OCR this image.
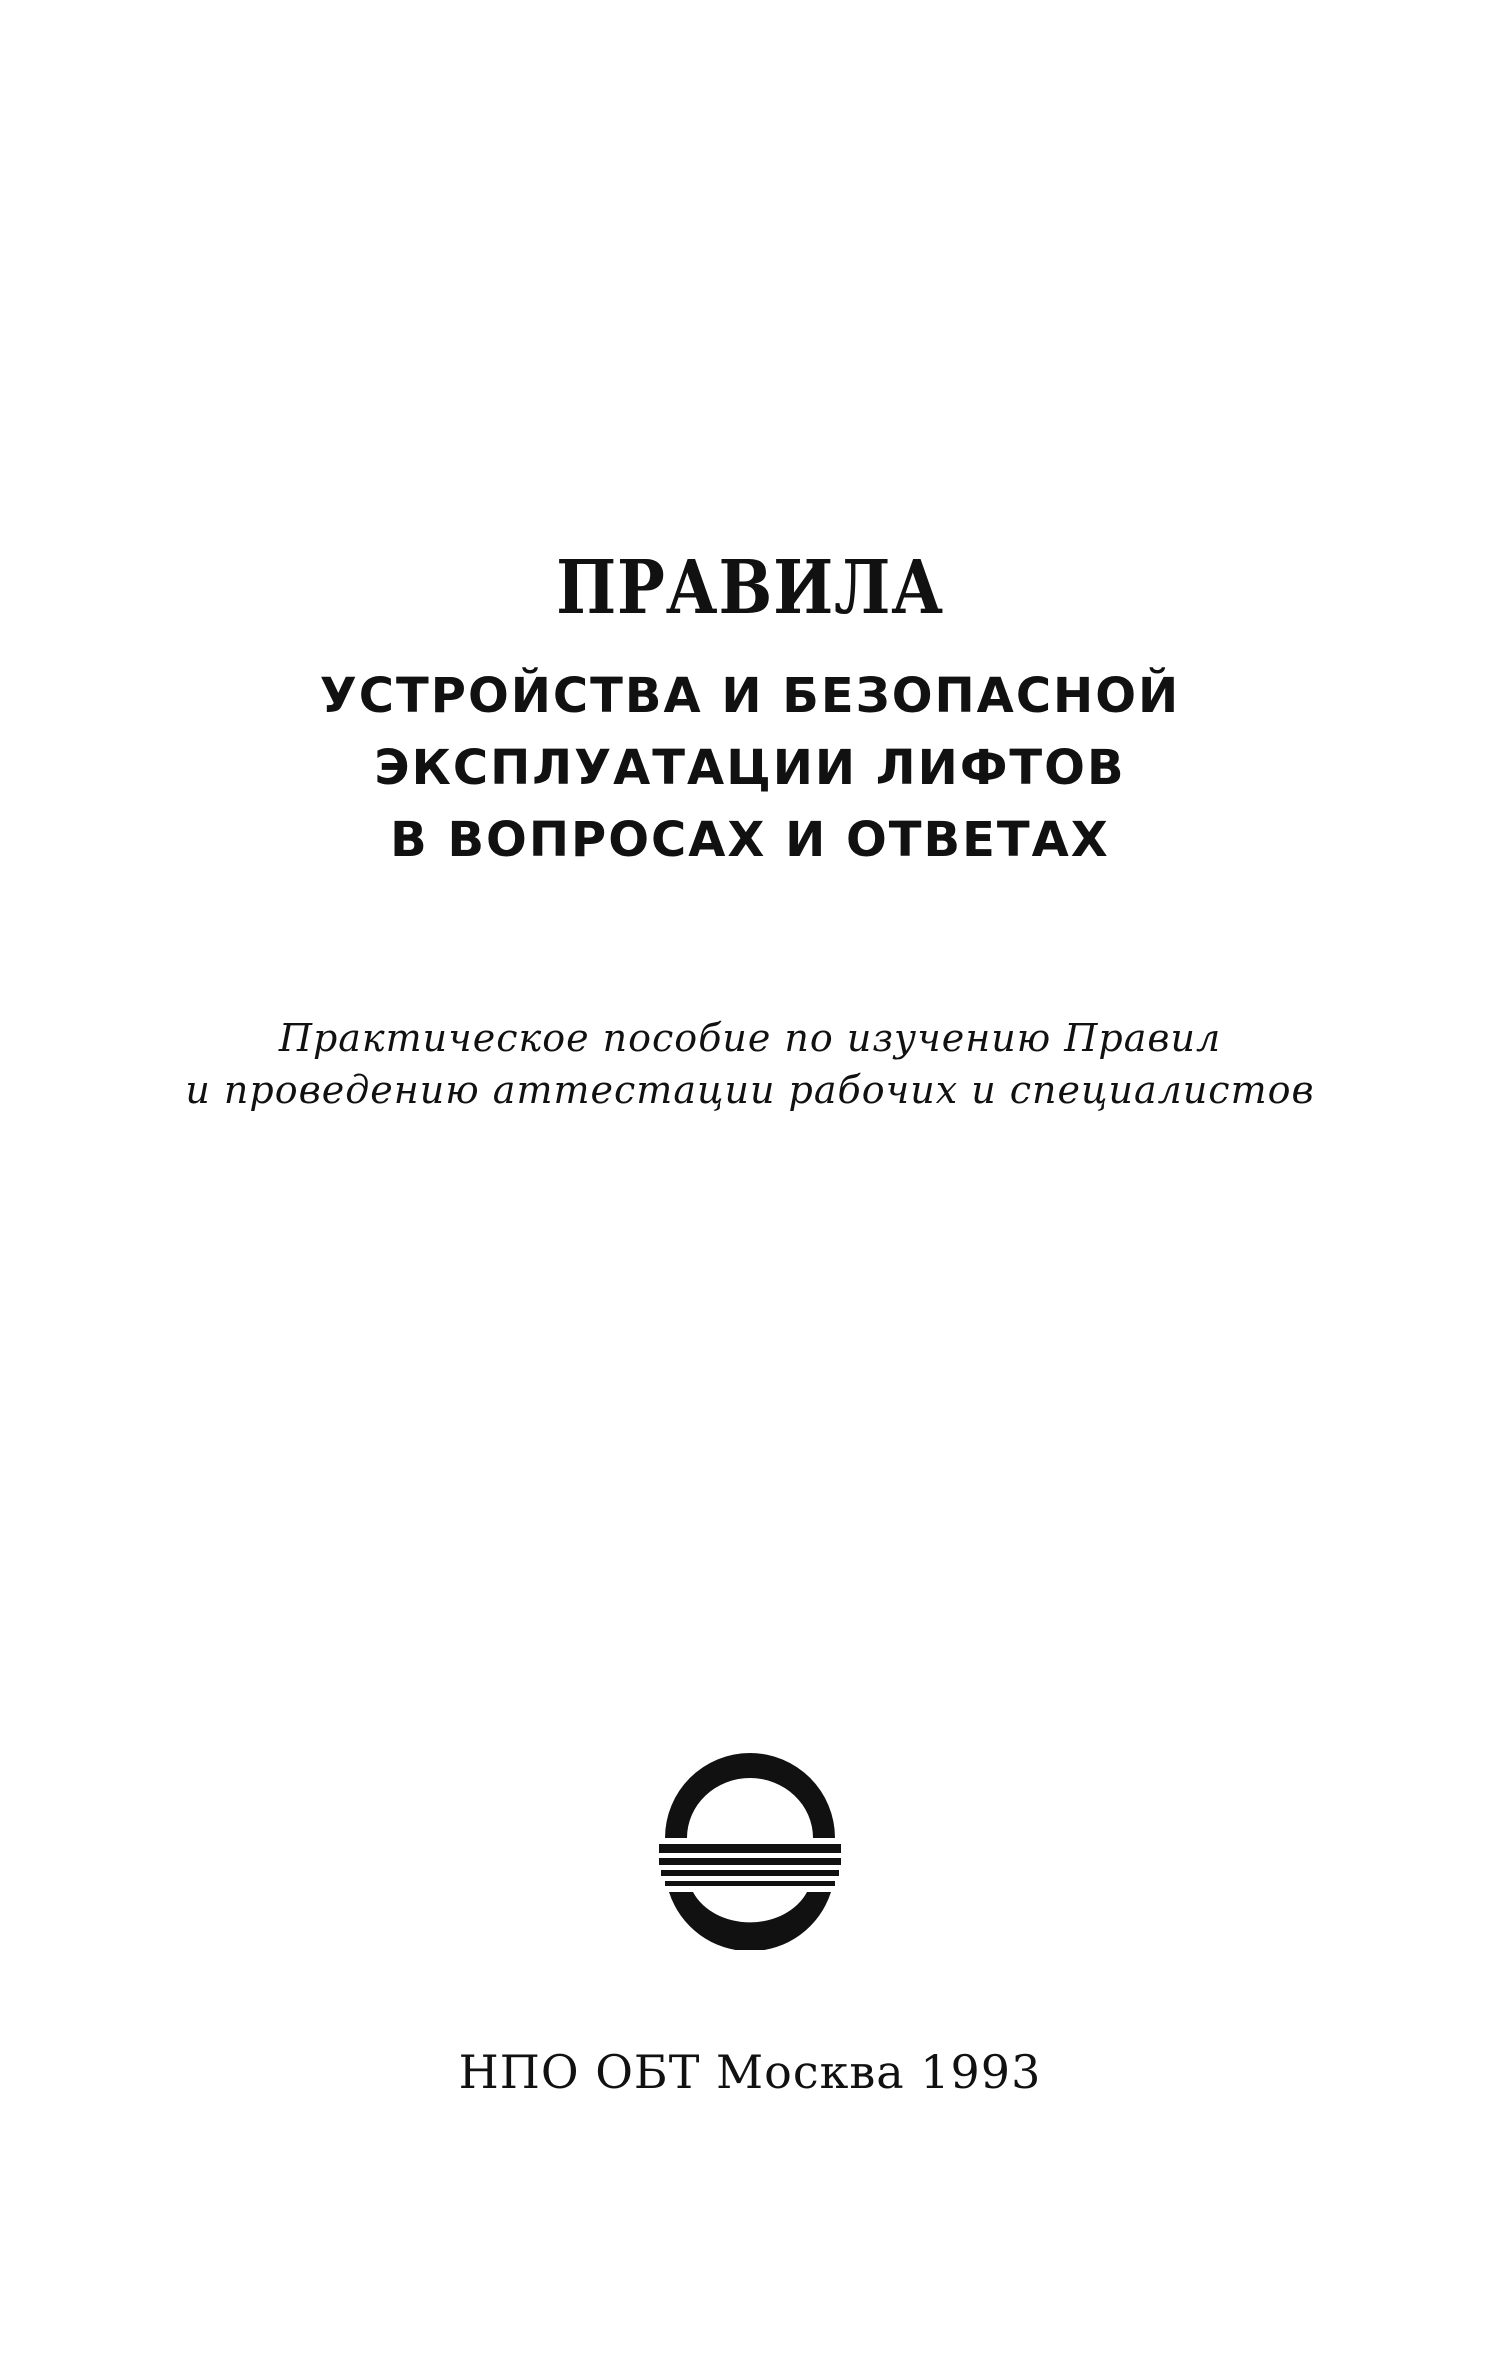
ПРАВИЛА

УСТРОЙСТВА И БЕЗОПАСНОЙ

ЭКСПЛУАТАЦИИ ЛИФТОВ

В ВОПРОСАХ И ОТВЕТАХ

Практическое пособие по изучению Правил

и проведению аттестации рабочих и специалистов

НПО ОБТ Москва 1993
